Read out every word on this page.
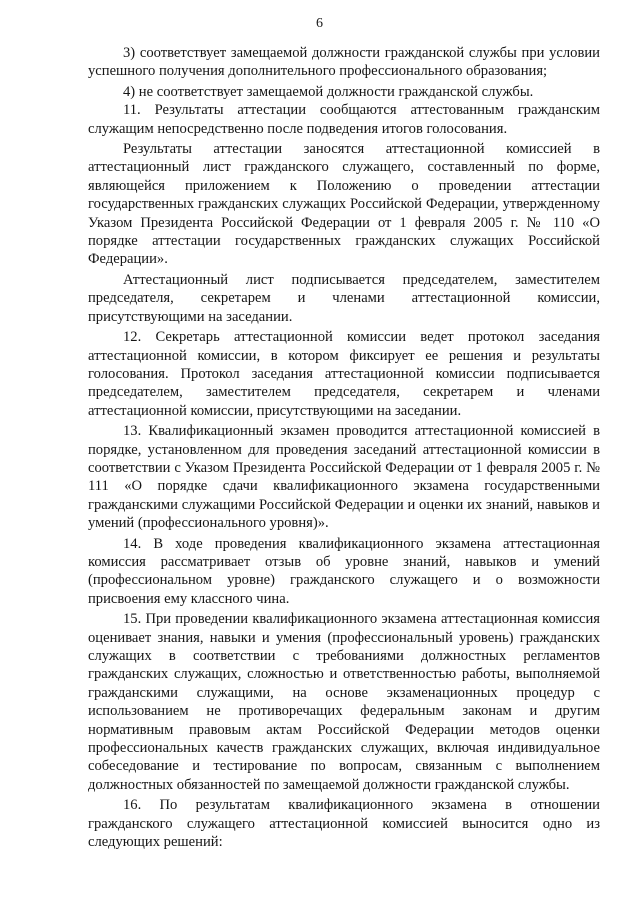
6

3) соответствует замещаемой должности гражданской службы при условии успешного получения дополнительного профессионального образования;

4) не соответствует замещаемой должности гражданской службы.

11. Результаты аттестации сообщаются аттестованным гражданским служащим непосредственно после подведения итогов голосования.

Результаты аттестации заносятся аттестационной комиссией в аттестационный лист гражданского служащего, составленный по форме, являющейся приложением к Положению о проведении аттестации государственных гражданских служащих Российской Федерации, утвержденному Указом Президента Российской Федерации от 1 февраля 2005 г. № 110 «О порядке аттестации государственных гражданских служащих Российской Федерации».

Аттестационный лист подписывается председателем, заместителем председателя, секретарем и членами аттестационной комиссии, присутствующими на заседании.

12. Секретарь аттестационной комиссии ведет протокол заседания аттестационной комиссии, в котором фиксирует ее решения и результаты голосования. Протокол заседания аттестационной комиссии подписывается председателем, заместителем председателя, секретарем и членами аттестационной комиссии, присутствующими на заседании.

13. Квалификационный экзамен проводится аттестационной комиссией в порядке, установленном для проведения заседаний аттестационной комиссии в соответствии с Указом Президента Российской Федерации от 1 февраля 2005 г. № 111 «О порядке сдачи квалификационного экзамена государственными гражданскими служащими Российской Федерации и оценки их знаний, навыков и умений (профессионального уровня)».

14. В ходе проведения квалификационного экзамена аттестационная комиссия рассматривает отзыв об уровне знаний, навыков и умений (профессиональном уровне) гражданского служащего и о возможности присвоения ему классного чина.

15. При проведении квалификационного экзамена аттестационная комиссия оценивает знания, навыки и умения (профессиональный уровень) гражданских служащих в соответствии с требованиями должностных регламентов гражданских служащих, сложностью и ответственностью работы, выполняемой гражданскими служащими, на основе экзаменационных процедур с использованием не противоречащих федеральным законам и другим нормативным правовым актам Российской Федерации методов оценки профессиональных качеств гражданских служащих, включая индивидуальное собеседование и тестирование по вопросам, связанным с выполнением должностных обязанностей по замещаемой должности гражданской службы.

16. По результатам квалификационного экзамена в отношении гражданского служащего аттестационной комиссией выносится одно из следующих решений:
